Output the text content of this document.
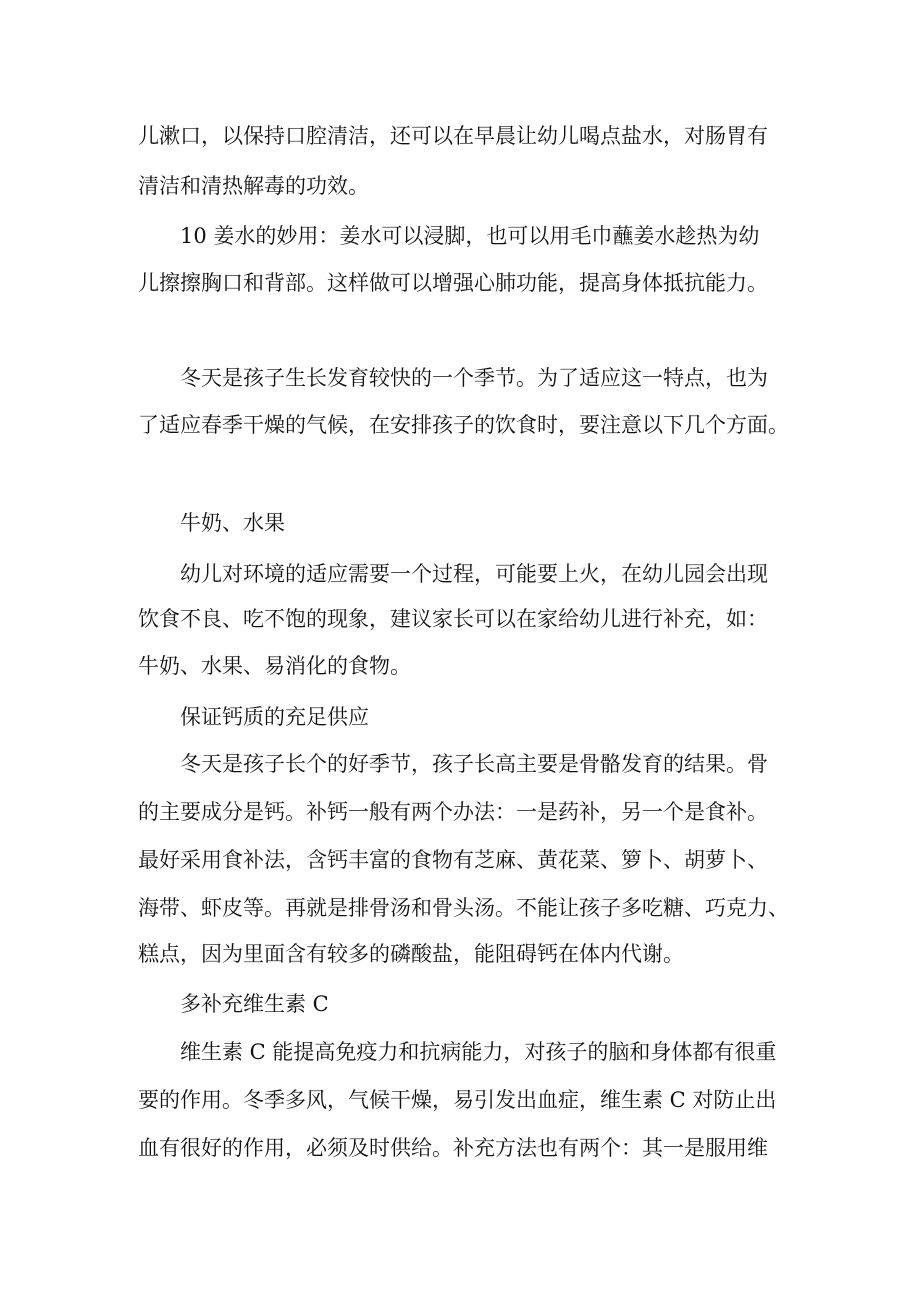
儿漱口，以保持口腔清洁，还可以在早晨让幼儿喝点盐水，对肠胃有
清洁和清热解毒的功效。
10 姜水的妙用：姜水可以浸脚，也可以用毛巾蘸姜水趁热为幼
儿擦擦胸口和背部。这样做可以增强心肺功能，提高身体抵抗能力。
冬天是孩子生长发育较快的一个季节。为了适应这一特点，也为
了适应春季干燥的气候，在安排孩子的饮食时，要注意以下几个方面。
牛奶、水果
幼儿对环境的适应需要一个过程，可能要上火，在幼儿园会出现
饮食不良、吃不饱的现象，建议家长可以在家给幼儿进行补充，如：
牛奶、水果、易消化的食物。
保证钙质的充足供应
冬天是孩子长个的好季节，孩子长高主要是骨骼发育的结果。骨
的主要成分是钙。补钙一般有两个办法：一是药补，另一个是食补。
最好采用食补法，含钙丰富的食物有芝麻、黄花菜、箩卜、胡萝卜、
海带、虾皮等。再就是排骨汤和骨头汤。不能让孩子多吃糖、巧克力、
糕点，因为里面含有较多的磷酸盐，能阻碍钙在体内代谢。
多补充维生素 C
维生素 C 能提高免疫力和抗病能力，对孩子的脑和身体都有很重
要的作用。冬季多风，气候干燥，易引发出血症，维生素 C 对防止出
血有很好的作用，必须及时供给。补充方法也有两个：其一是服用维
